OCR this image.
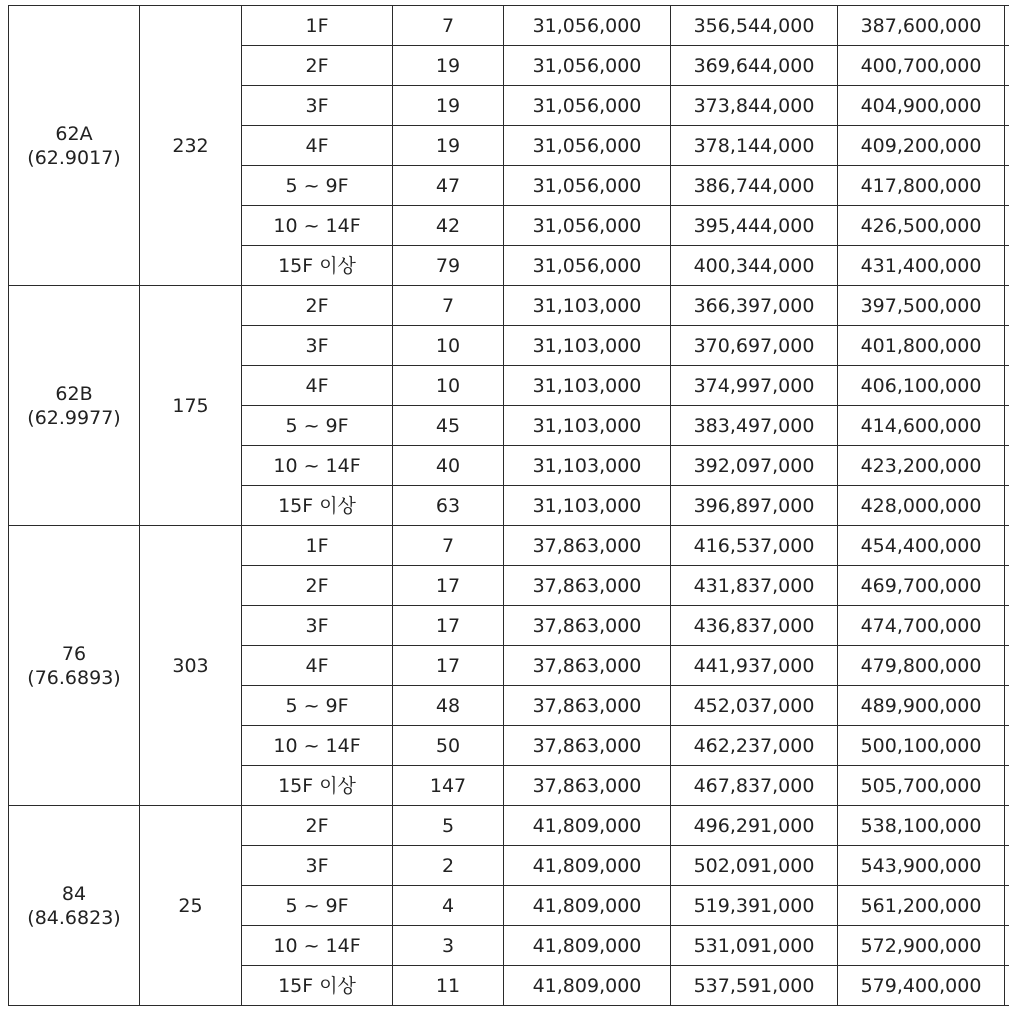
62A
(62.9017)	232	1F	7	31,056,000	356,544,000	387,600,000	
		2F	19	31,056,000	369,644,000	400,700,000	
		3F	19	31,056,000	373,844,000	404,900,000	
		4F	19	31,056,000	378,144,000	409,200,000	
		5 ~ 9F	47	31,056,000	386,744,000	417,800,000	
		10 ~ 14F	42	31,056,000	395,444,000	426,500,000	
		15F 이상	79	31,056,000	400,344,000	431,400,000	

62B
(62.9977)	175	2F	7	31,103,000	366,397,000	397,500,000	
		3F	10	31,103,000	370,697,000	401,800,000	
		4F	10	31,103,000	374,997,000	406,100,000	
		5 ~ 9F	45	31,103,000	383,497,000	414,600,000	
		10 ~ 14F	40	31,103,000	392,097,000	423,200,000	
		15F 이상	63	31,103,000	396,897,000	428,000,000	

76
(76.6893)	303	1F	7	37,863,000	416,537,000	454,400,000	
		2F	17	37,863,000	431,837,000	469,700,000	
		3F	17	37,863,000	436,837,000	474,700,000	
		4F	17	37,863,000	441,937,000	479,800,000	
		5 ~ 9F	48	37,863,000	452,037,000	489,900,000	
		10 ~ 14F	50	37,863,000	462,237,000	500,100,000	
		15F 이상	147	37,863,000	467,837,000	505,700,000	

84
(84.6823)	25	2F	5	41,809,000	496,291,000	538,100,000	
		3F	2	41,809,000	502,091,000	543,900,000	
		5 ~ 9F	4	41,809,000	519,391,000	561,200,000	
		10 ~ 14F	3	41,809,000	531,091,000	572,900,000	
		15F 이상	11	41,809,000	537,591,000	579,400,000	
